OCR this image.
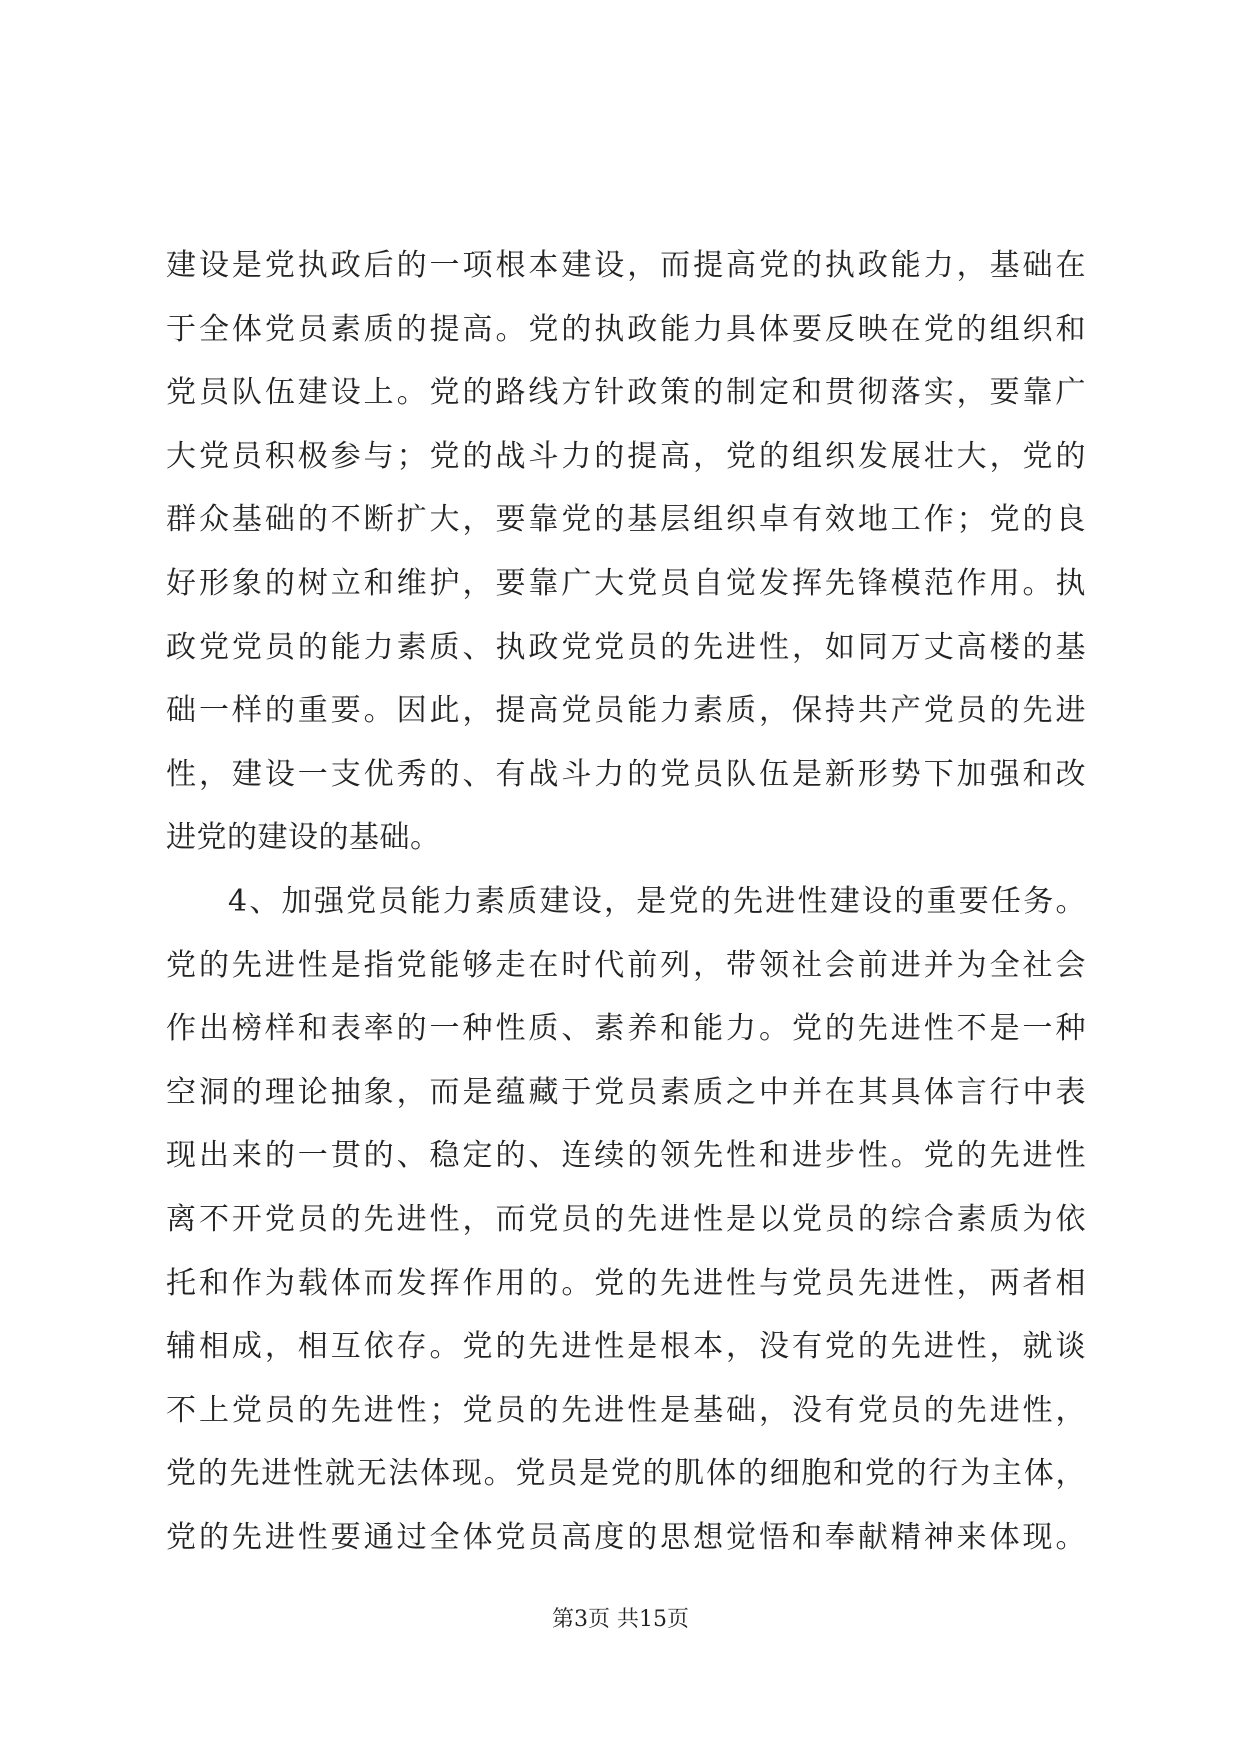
建设是党执政后的一项根本建设，而提高党的执政能力，基础在
于全体党员素质的提高。党的执政能力具体要反映在党的组织和
党员队伍建设上。党的路线方针政策的制定和贯彻落实，要靠广
大党员积极参与；党的战斗力的提高，党的组织发展壮大，党的
群众基础的不断扩大，要靠党的基层组织卓有效地工作；党的良
好形象的树立和维护，要靠广大党员自觉发挥先锋模范作用。执
政党党员的能力素质、执政党党员的先进性，如同万丈高楼的基
础一样的重要。因此，提高党员能力素质，保持共产党员的先进
性，建设一支优秀的、有战斗力的党员队伍是新形势下加强和改
进党的建设的基础。
4、加强党员能力素质建设，是党的先进性建设的重要任务。
党的先进性是指党能够走在时代前列，带领社会前进并为全社会
作出榜样和表率的一种性质、素养和能力。党的先进性不是一种
空洞的理论抽象，而是蕴藏于党员素质之中并在其具体言行中表
现出来的一贯的、稳定的、连续的领先性和进步性。党的先进性
离不开党员的先进性，而党员的先进性是以党员的综合素质为依
托和作为载体而发挥作用的。党的先进性与党员先进性，两者相
辅相成，相互依存。党的先进性是根本，没有党的先进性，就谈
不上党员的先进性；党员的先进性是基础，没有党员的先进性，
党的先进性就无法体现。党员是党的肌体的细胞和党的行为主体，
党的先进性要通过全体党员高度的思想觉悟和奉献精神来体现。
第3页 共15页
